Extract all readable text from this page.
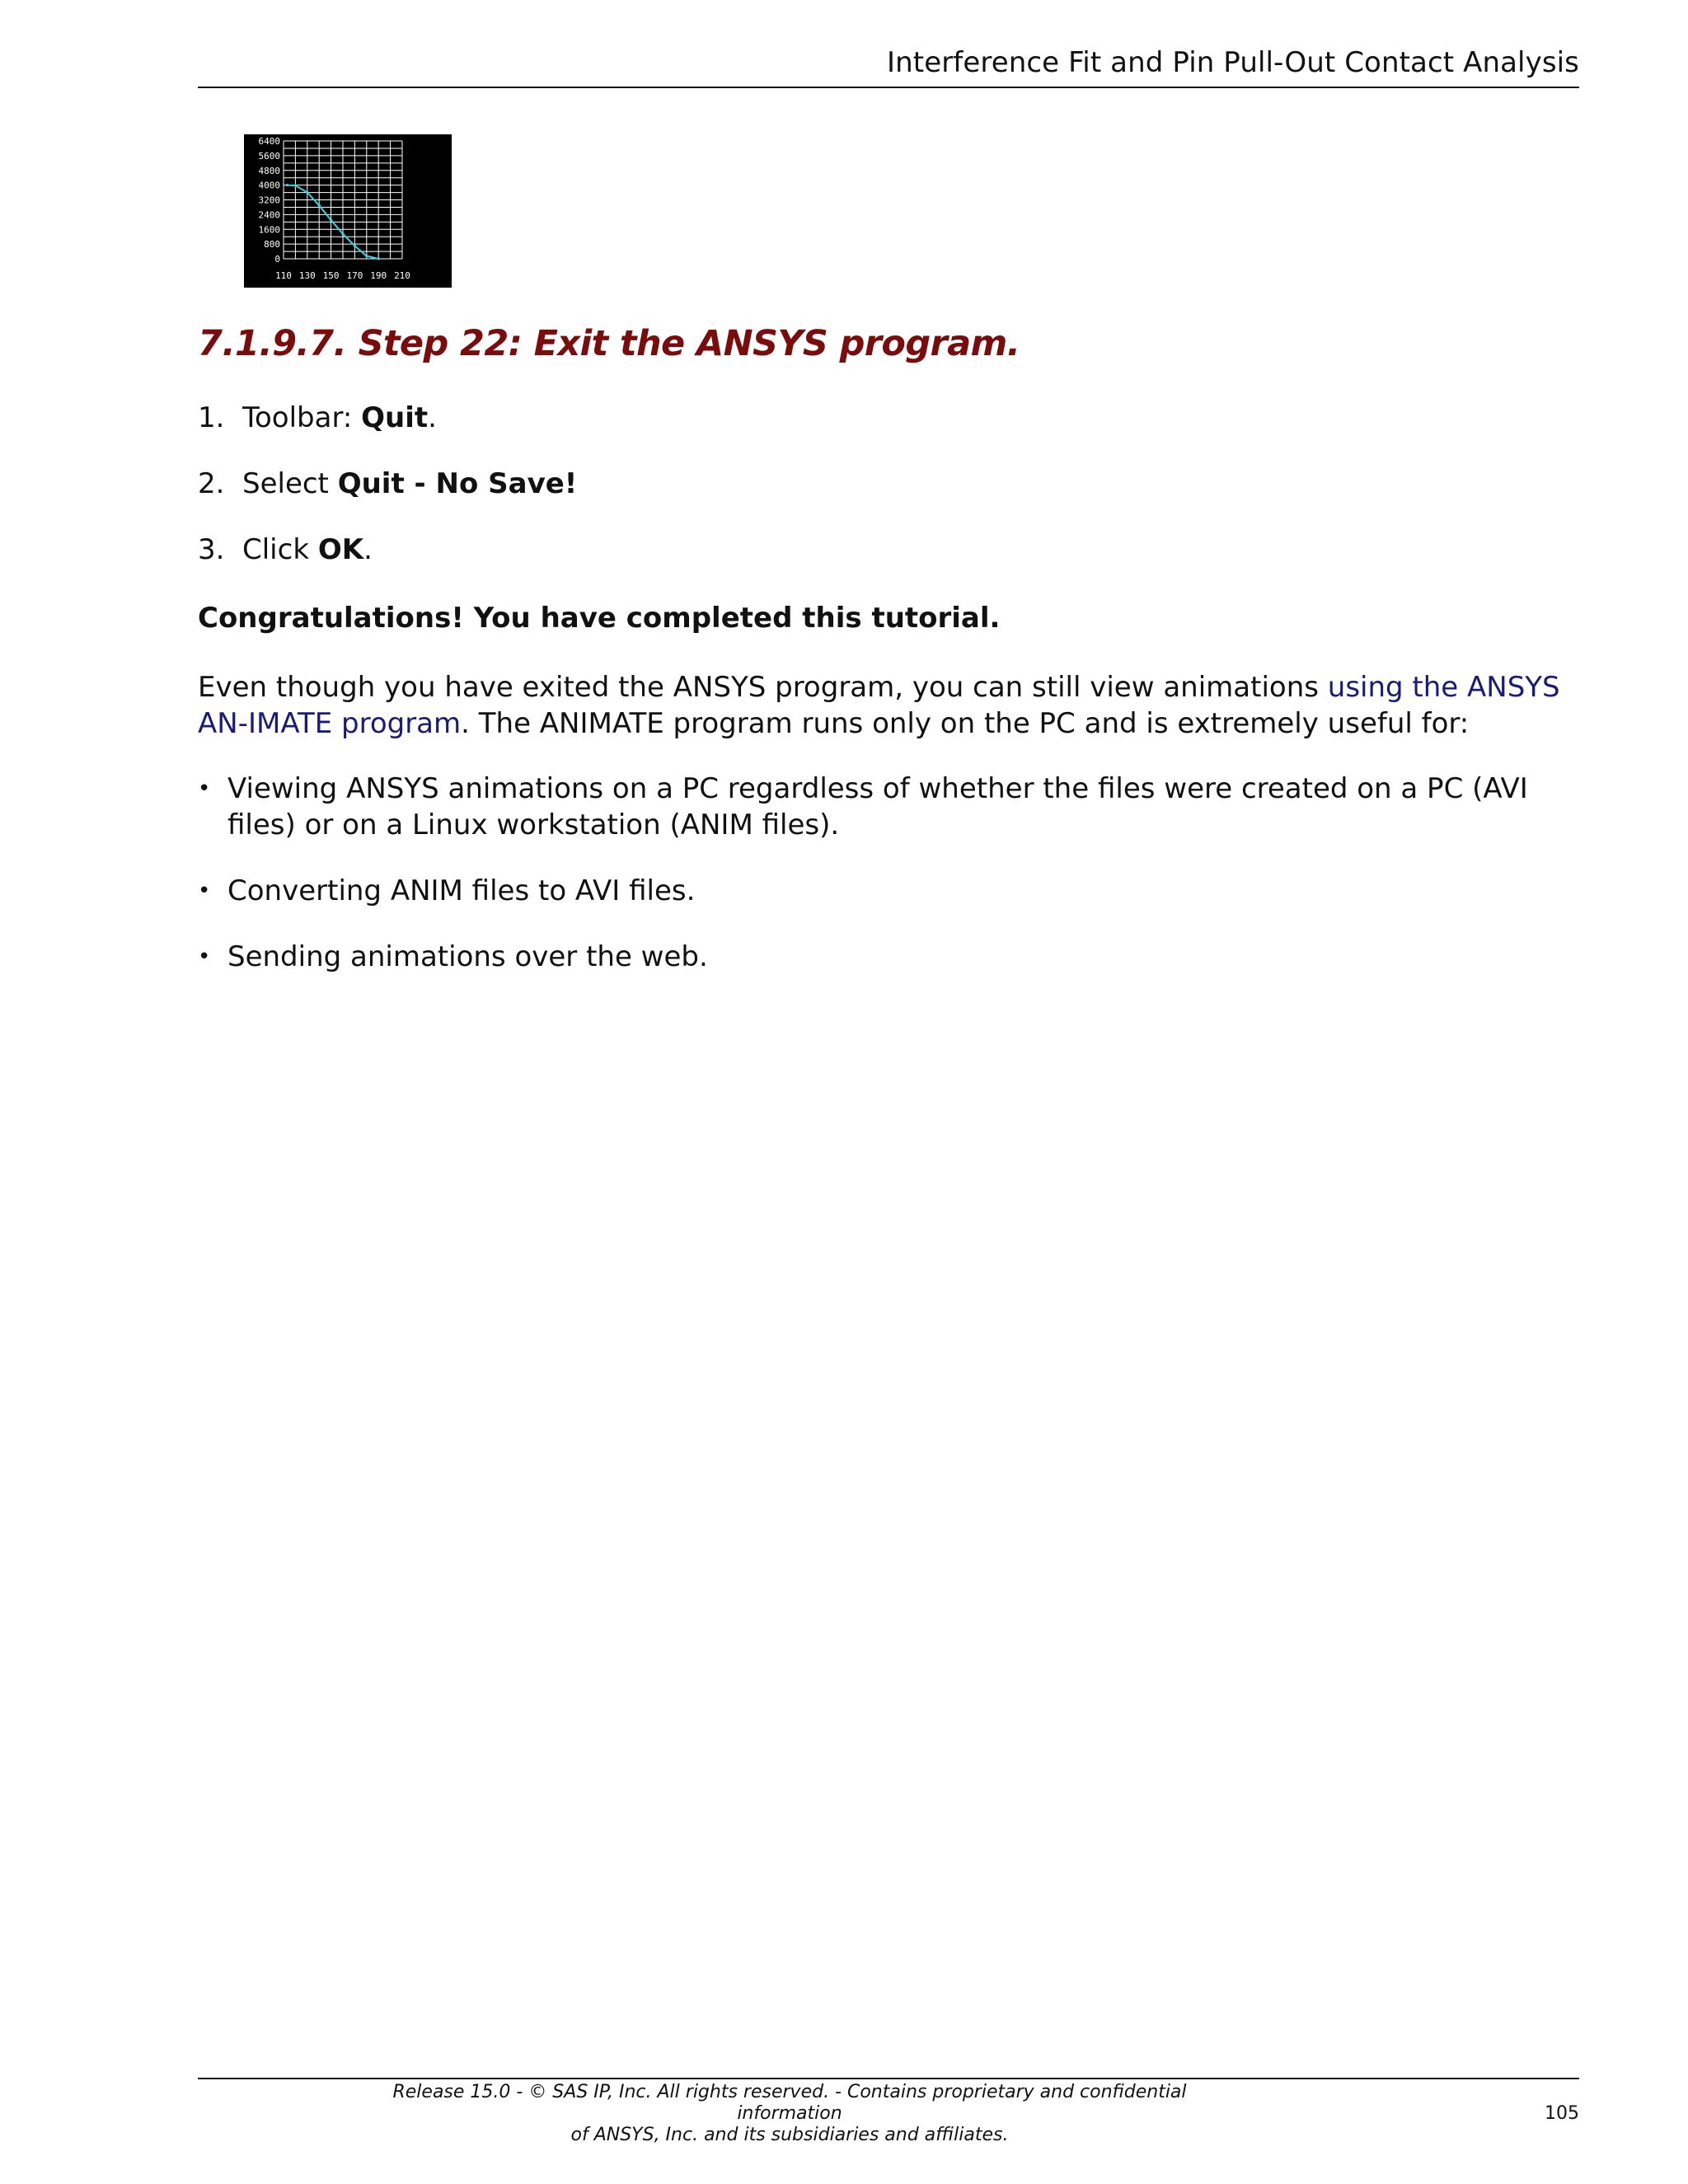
Interference Fit and Pin Pull-Out Contact Analysis
0
800
1600
2400
3200
4000
4800
5600
6400
110 130 150 170 190 210
7.1.9.7. Step 22: Exit the ANSYS program.
1. Toolbar: Quit.
2. Select Quit - No Save!
3. Click OK.
Congratulations! You have completed this tutorial.
Even though you have exited the ANSYS program, you can still view animations using the ANSYS AN-IMATE program. The ANIMATE program runs only on the PC and is extremely useful for:
• Viewing ANSYS animations on a PC regardless of whether the files were created on a PC (AVI files) or on a Linux workstation (ANIM files).
• Converting ANIM files to AVI files.
• Sending animations over the web.
Release 15.0 - © SAS IP, Inc. All rights reserved. - Contains proprietary and confidential information
of ANSYS, Inc. and its subsidiaries and affiliates.
105
